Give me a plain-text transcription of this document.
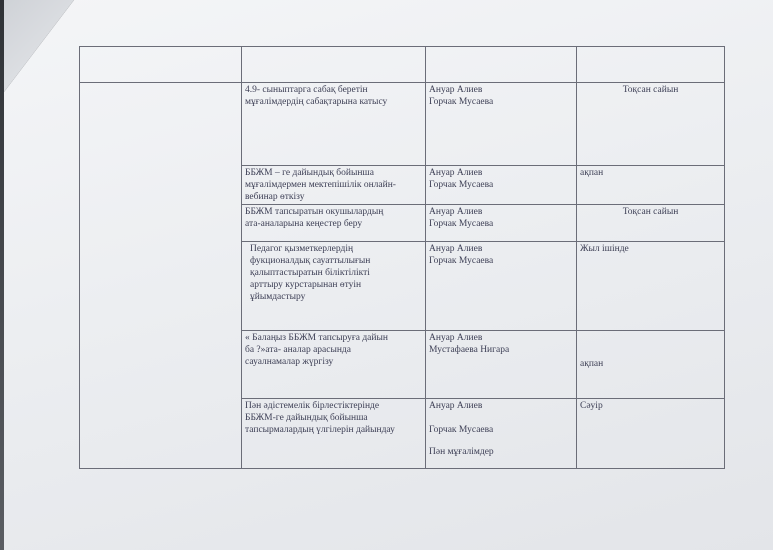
	4.9- сыныптарга сабақ беретін
мұғалімдердің сабақтарына катысу	Ануар Алиев
Горчак Мусаева	Тоқсан сайын

	ББЖМ – ге дайындық бойынша
мұғалімдермен мектепішілік онлайн-
вебинар өткізу	Ануар Алиев
Горчак Мусаева	ақпан

	ББЖМ тапсыратын окушылардың
ата-аналарына кеңестер беру	Ануар Алиев
Горчак Мусаева	Тоқсан сайын

	Педагог қызметкерлердің
фукционалдық сауаттылығын
қалыптастыратын біліктілікті
арттыру курстарынан өтуін
ұйымдастыру	Ануар Алиев
Горчак Мусаева	Жыл ішінде

	« Балаңыз ББЖМ тапсыруға дайын
ба ?»ата- аналар арасында
сауалнамалар жүргізу	Ануар Алиев
Мустафаева Нигара	ақпан

	Пән әдістемелік бірлестіктерінде
ББЖМ-ге дайындық бойынша
тапсырмалардың үлгілерін дайындау	Ануар Алиев
Горчак Мусаева
Пән мұғалімдер	Сәуір
